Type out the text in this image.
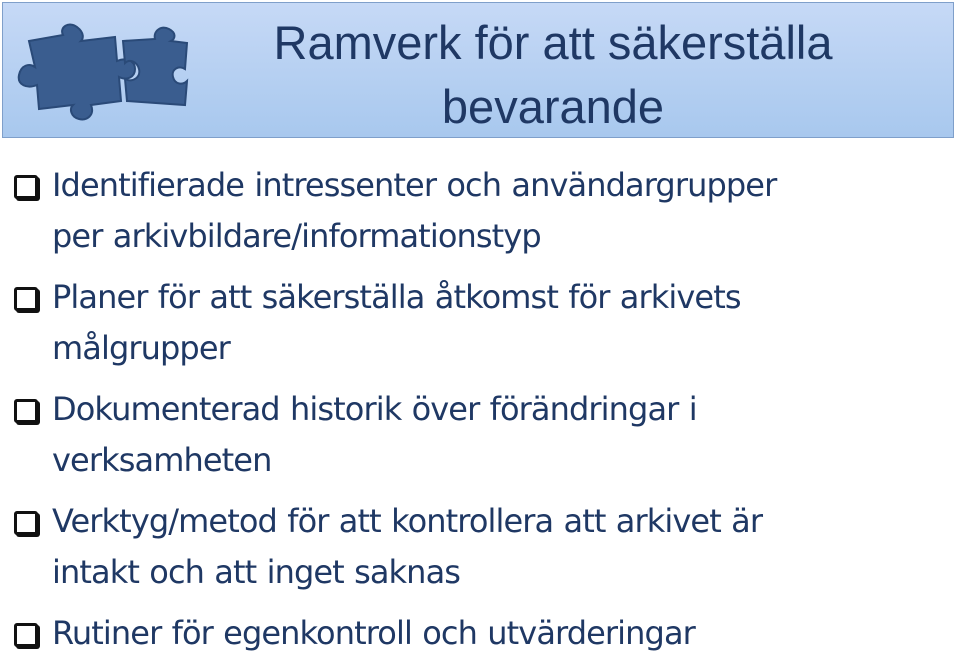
Ramverk för att säkerställa
bevarande
Identifierade intressenter och användargrupper
per arkivbildare/informationstyp
Planer för att säkerställa åtkomst för arkivets
målgrupper
Dokumenterad historik över förändringar i
verksamheten
Verktyg/metod för att kontrollera att arkivet är
intakt och att inget saknas
Rutiner för egenkontroll och utvärderingar
